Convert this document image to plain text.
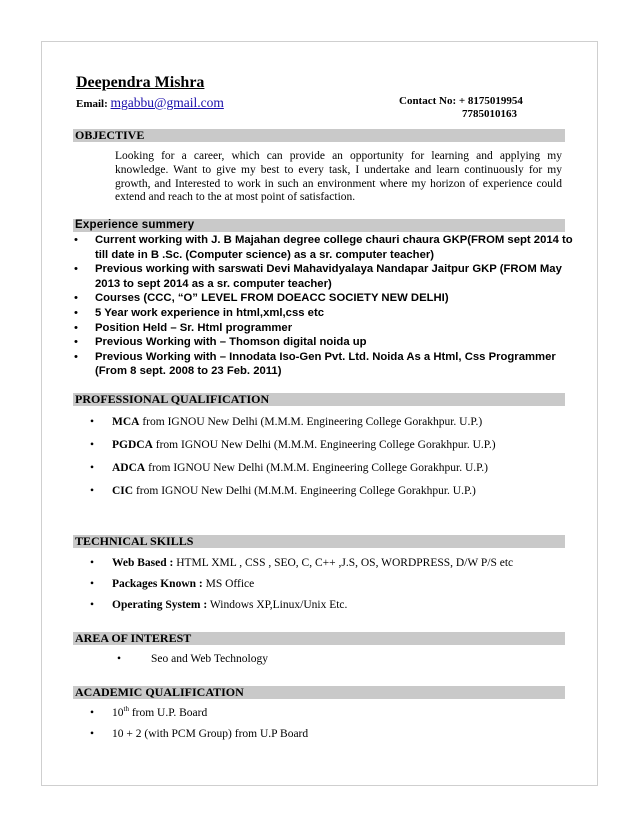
Deependra Mishra
Email: mgabbu@gmail.com	Contact No: + 8175019954
7785010163
OBJECTIVE
Looking for a career, which can provide an opportunity for learning and applying my knowledge. Want to give my best to every task, I undertake and learn continuously for my growth, and Interested to work in such an environment where my horizon of experience could extend and reach to the at most point of satisfaction.
Experience summery
• Current working with J. B Majahan degree college chauri chaura GKP(FROM sept 2014 to till date in B .Sc. (Computer science) as a sr. computer teacher)
• Previous working with sarswati Devi Mahavidyalaya Nandapar Jaitpur GKP (FROM May 2013 to sept 2014 as a sr. computer teacher)
• Courses (CCC, “O” LEVEL FROM DOEACC SOCIETY NEW DELHI)
• 5 Year work experience in html,xml,css etc
• Position Held – Sr. Html programmer
• Previous Working with – Thomson digital noida up
• Previous Working with – Innodata Iso-Gen Pvt. Ltd. Noida As a Html, Css Programmer (From 8 sept. 2008 to 23 Feb. 2011)
PROFESSIONAL QUALIFICATION
• MCA from IGNOU New Delhi (M.M.M. Engineering College Gorakhpur. U.P.)
• PGDCA from IGNOU New Delhi (M.M.M. Engineering College Gorakhpur. U.P.)
• ADCA from IGNOU New Delhi (M.M.M. Engineering College Gorakhpur. U.P.)
• CIC from IGNOU New Delhi (M.M.M. Engineering College Gorakhpur. U.P.)
TECHNICAL SKILLS
• Web Based : HTML XML , CSS , SEO, C, C++ ,J.S, OS, WORDPRESS, D/W P/S etc
• Packages Known : MS Office
• Operating System : Windows XP,Linux/Unix Etc.
AREA OF INTEREST
•	Seo and Web Technology
ACADEMIC QUALIFICATION
• 10th from U.P. Board
• 10 + 2 (with PCM Group) from U.P Board
